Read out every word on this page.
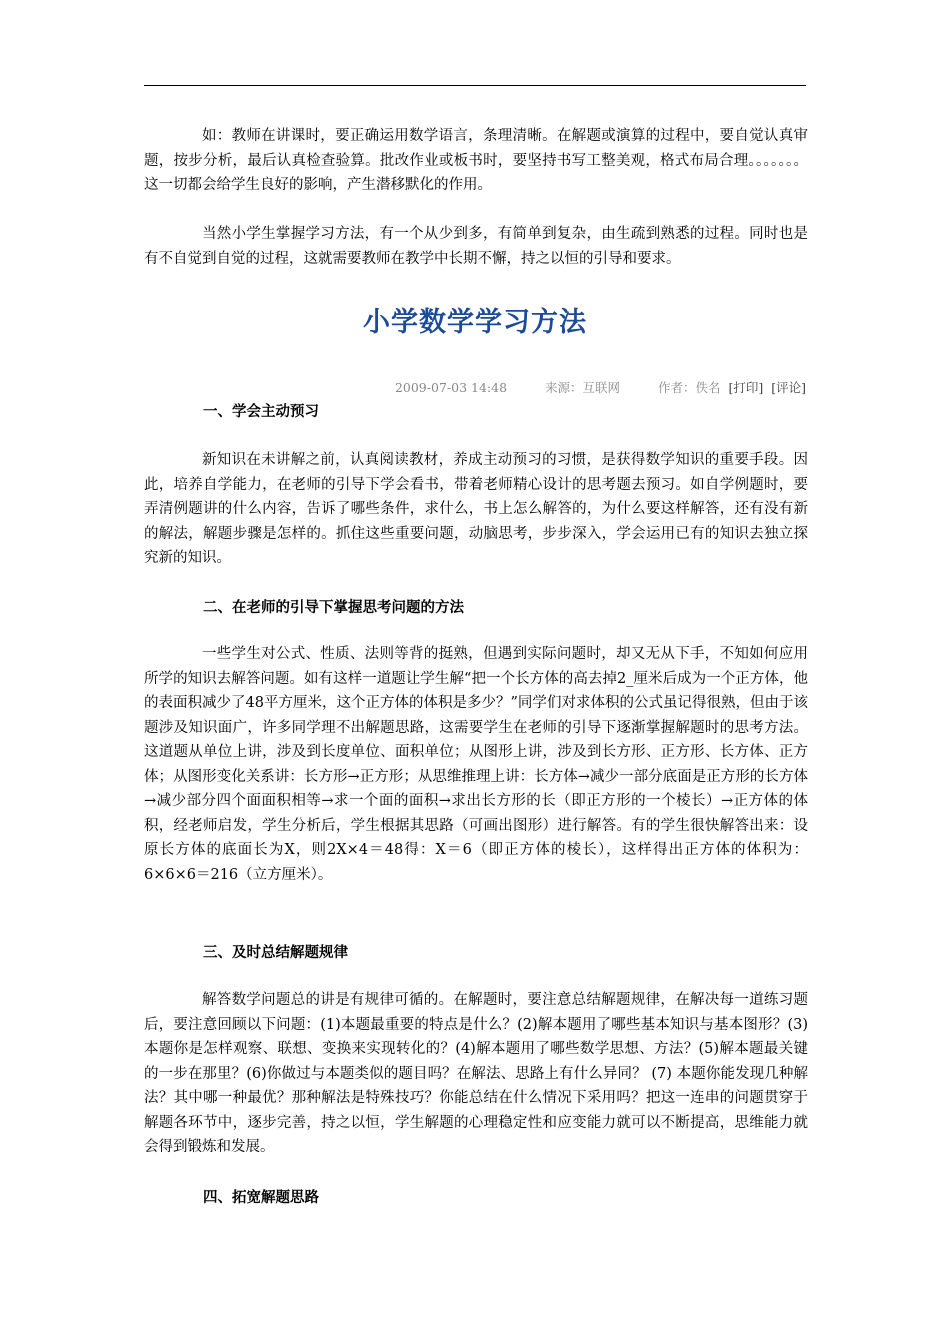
如：教师在讲课时，要正确运用数学语言，条理清晰。在解题或演算的过程中，要自觉认真审题，按步分析，最后认真检查验算。批改作业或板书时，要坚持书写工整美观，格式布局合理。。。。。。。这一切都会给学生良好的影响，产生潜移默化的作用。

当然小学生掌握学习方法，有一个从少到多，有简单到复杂，由生疏到熟悉的过程。同时也是有不自觉到自觉的过程，这就需要教师在教学中长期不懈，持之以恒的引导和要求。

小学数学学习方法
2009-07-03 14:48	来源：互联网	作者：佚名 [打印] [评论]
一、学会主动预习

新知识在未讲解之前，认真阅读教材，养成主动预习的习惯，是获得数学知识的重要手段。因此，培养自学能力，在老师的引导下学会看书，带着老师精心设计的思考题去预习。如自学例题时，要弄清例题讲的什么内容，告诉了哪些条件，求什么，书上怎么解答的，为什么要这样解答，还有没有新的解法，解题步骤是怎样的。抓住这些重要问题，动脑思考，步步深入，学会运用已有的知识去独立探究新的知识。

二、在老师的引导下掌握思考问题的方法

一些学生对公式、性质、法则等背的挺熟，但遇到实际问题时，却又无从下手，不知如何应用所学的知识去解答问题。如有这样一道题让学生解“把一个长方体的高去掉2_厘米后成为一个正方体，他的表面积减少了48平方厘米，这个正方体的体积是多少？”同学们对求体积的公式虽记得很熟，但由于该题涉及知识面广，许多同学理不出解题思路，这需要学生在老师的引导下逐渐掌握解题时的思考方法。这道题从单位上讲，涉及到长度单位、面积单位；从图形上讲，涉及到长方形、正方形、长方体、正方体；从图形变化关系讲：长方形→正方形；从思维推理上讲：长方体→减少一部分底面是正方形的长方体→减少部分四个面面积相等→求一个面的面积→求出长方形的长（即正方形的一个棱长）→正方体的体积，经老师启发，学生分析后，学生根据其思路（可画出图形）进行解答。有的学生很快解答出来：设原长方体的底面长为X，则2X×4＝48得：X＝6（即正方体的棱长），这样得出正方体的体积为：6×6×6＝216（立方厘米）。

三、及时总结解题规律

解答数学问题总的讲是有规律可循的。在解题时，要注意总结解题规律，在解决每一道练习题后，要注意回顾以下问题：(1)本题最重要的特点是什么？(2)解本题用了哪些基本知识与基本图形？(3)本题你是怎样观察、联想、变换来实现转化的？(4)解本题用了哪些数学思想、方法？(5)解本题最关键的一步在那里？(6)你做过与本题类似的题目吗？在解法、思路上有什么异同？ (7) 本题你能发现几种解法？其中哪一种最优？那种解法是特殊技巧？你能总结在什么情况下采用吗？把这一连串的问题贯穿于解题各环节中，逐步完善，持之以恒，学生解题的心理稳定性和应变能力就可以不断提高，思维能力就会得到锻炼和发展。

四、拓宽解题思路
